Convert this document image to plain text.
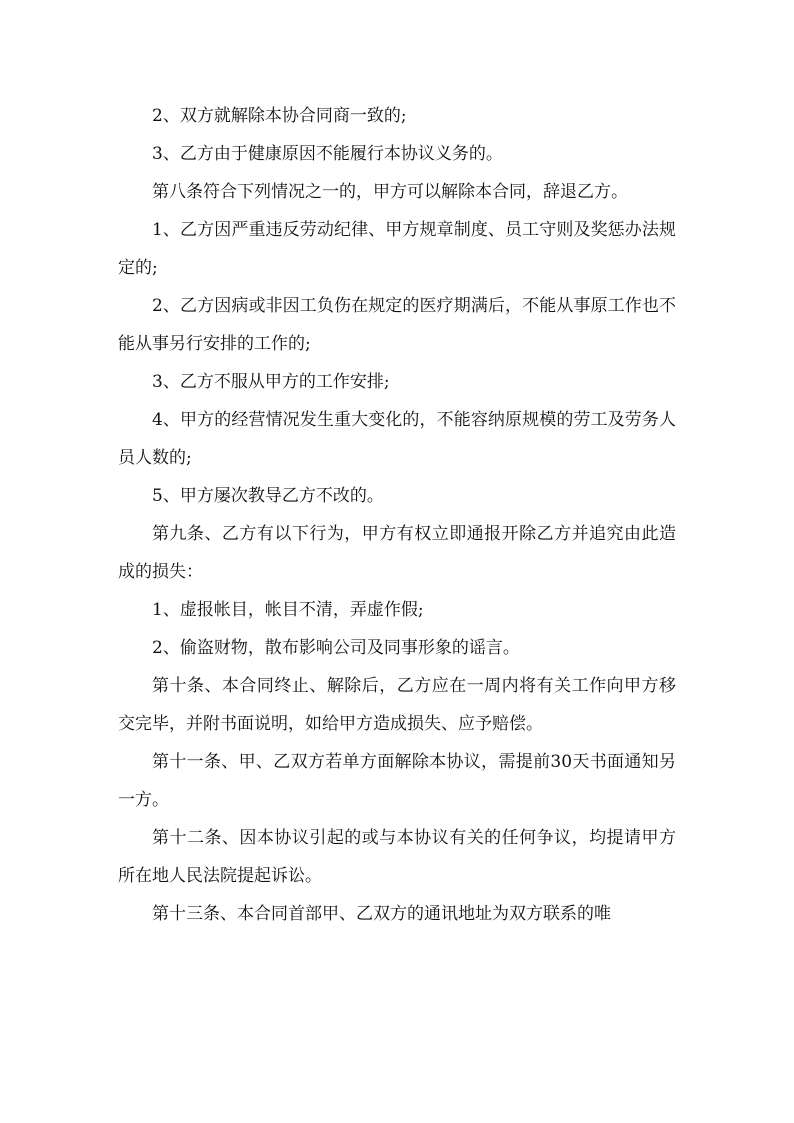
2、双方就解除本协合同商一致的;

3、乙方由于健康原因不能履行本协议义务的。

第八条符合下列情况之一的，甲方可以解除本合同，辞退乙方。

1、乙方因严重违反劳动纪律、甲方规章制度、员工守则及奖惩办法规定的;

2、乙方因病或非因工负伤在规定的医疗期满后，不能从事原工作也不能从事另行安排的工作的;

3、乙方不服从甲方的工作安排;

4、甲方的经营情况发生重大变化的，不能容纳原规模的劳工及劳务人员人数的;

5、甲方屡次教导乙方不改的。

第九条、乙方有以下行为，甲方有权立即通报开除乙方并追究由此造成的损失：

1、虚报帐目，帐目不清，弄虚作假;

2、偷盗财物，散布影响公司及同事形象的谣言。

第十条、本合同终止、解除后，乙方应在一周内将有关工作向甲方移交完毕，并附书面说明，如给甲方造成损失、应予赔偿。

第十一条、甲、乙双方若单方面解除本协议，需提前30天书面通知另一方。

第十二条、因本协议引起的或与本协议有关的任何争议，均提请甲方所在地人民法院提起诉讼。

第十三条、本合同首部甲、乙双方的通讯地址为双方联系的唯
